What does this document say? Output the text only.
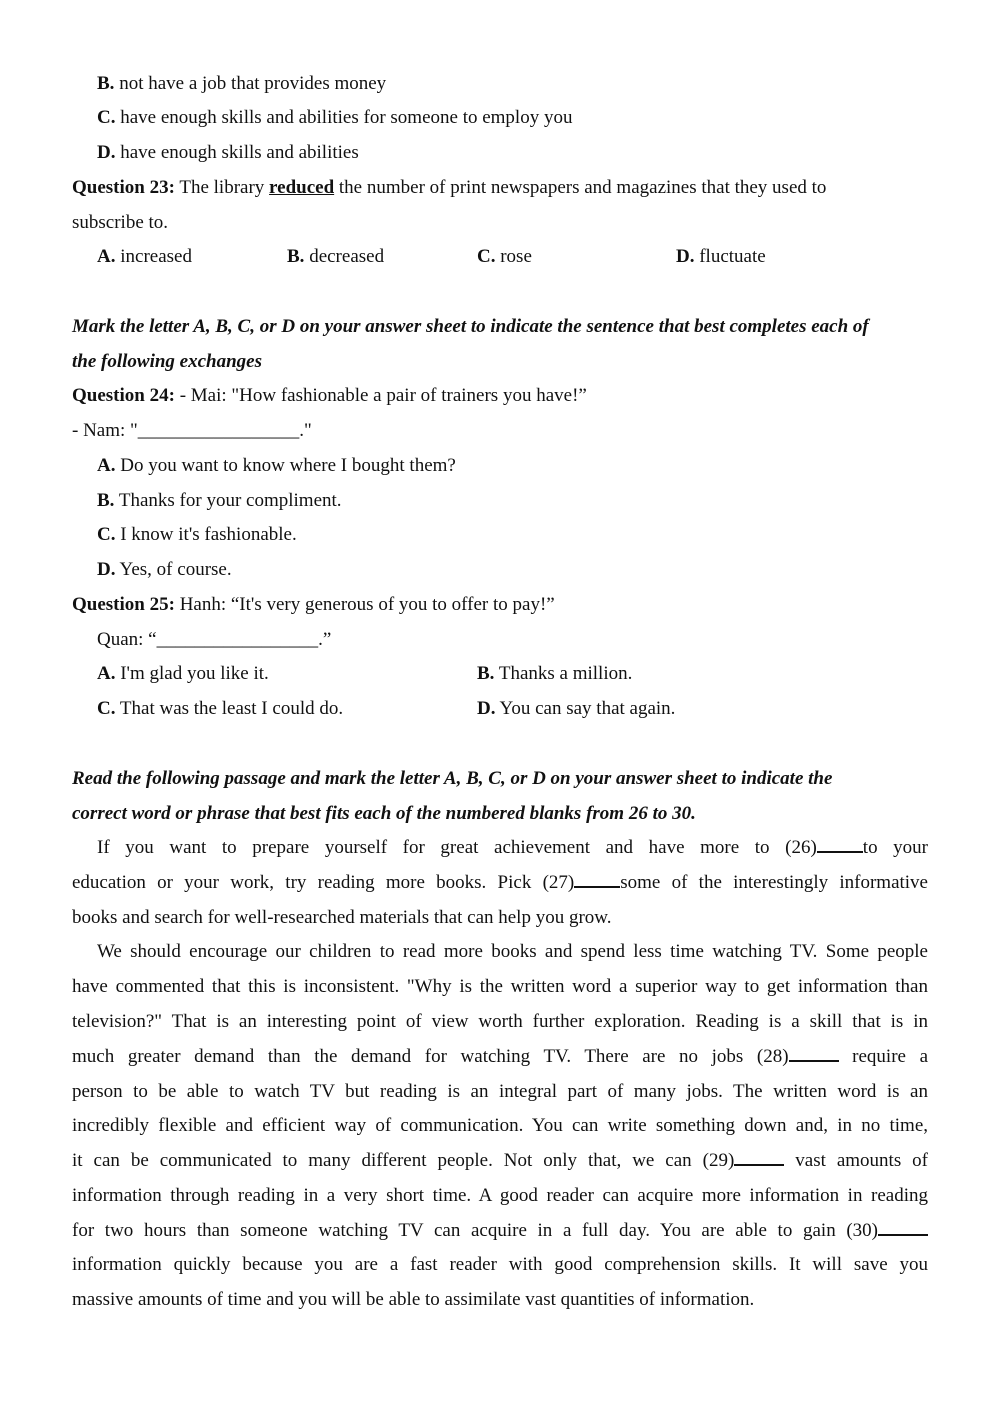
B. not have a job that provides money
C. have enough skills and abilities for someone to employ you
D. have enough skills and abilities
Question 23: The library reduced the number of print newspapers and magazines that they used to
subscribe to.
A. increased	B. decreased	C. rose	D. fluctuate
Mark the letter A, B, C, or D on your answer sheet to indicate the sentence that best completes each of
the following exchanges
Question 24: - Mai: "How fashionable a pair of trainers you have!”
- Nam: "_________________."
A. Do you want to know where I bought them?
B. Thanks for your compliment.
C. I know it's fashionable.
D. Yes, of course.
Question 25: Hanh: “It's very generous of you to offer to pay!”
Quan: “_________________.”
A. I'm glad you like it.	B. Thanks a million.
C. That was the least I could do.	D. You can say that again.
Read the following passage and mark the letter A, B, C, or D on your answer sheet to indicate the
correct word or phrase that best fits each of the numbered blanks from 26 to 30.
If you want to prepare yourself for great achievement and have more to (26) to your
education or your work, try reading more books. Pick (27) some of the interestingly informative
books and search for well-researched materials that can help you grow.
We should encourage our children to read more books and spend less time watching TV. Some people
have commented that this is inconsistent. "Why is the written word a superior way to get information than
television?" That is an interesting point of view worth further exploration. Reading is a skill that is in
much greater demand than the demand for watching TV. There are no jobs (28)	require a
person to be able to watch TV but reading is an integral part of many jobs. The written word is an
incredibly flexible and efficient way of communication. You can write something down and, in no time,
it can be communicated to many different people. Not only that, we can (29)	vast amounts of
information through reading in a very short time. A good reader can acquire more information in reading
for two hours than someone watching TV can acquire in a full day. You are able to gain (30)
information quickly because you are a fast reader with good comprehension skills. It will save you
massive amounts of time and you will be able to assimilate vast quantities of information.
